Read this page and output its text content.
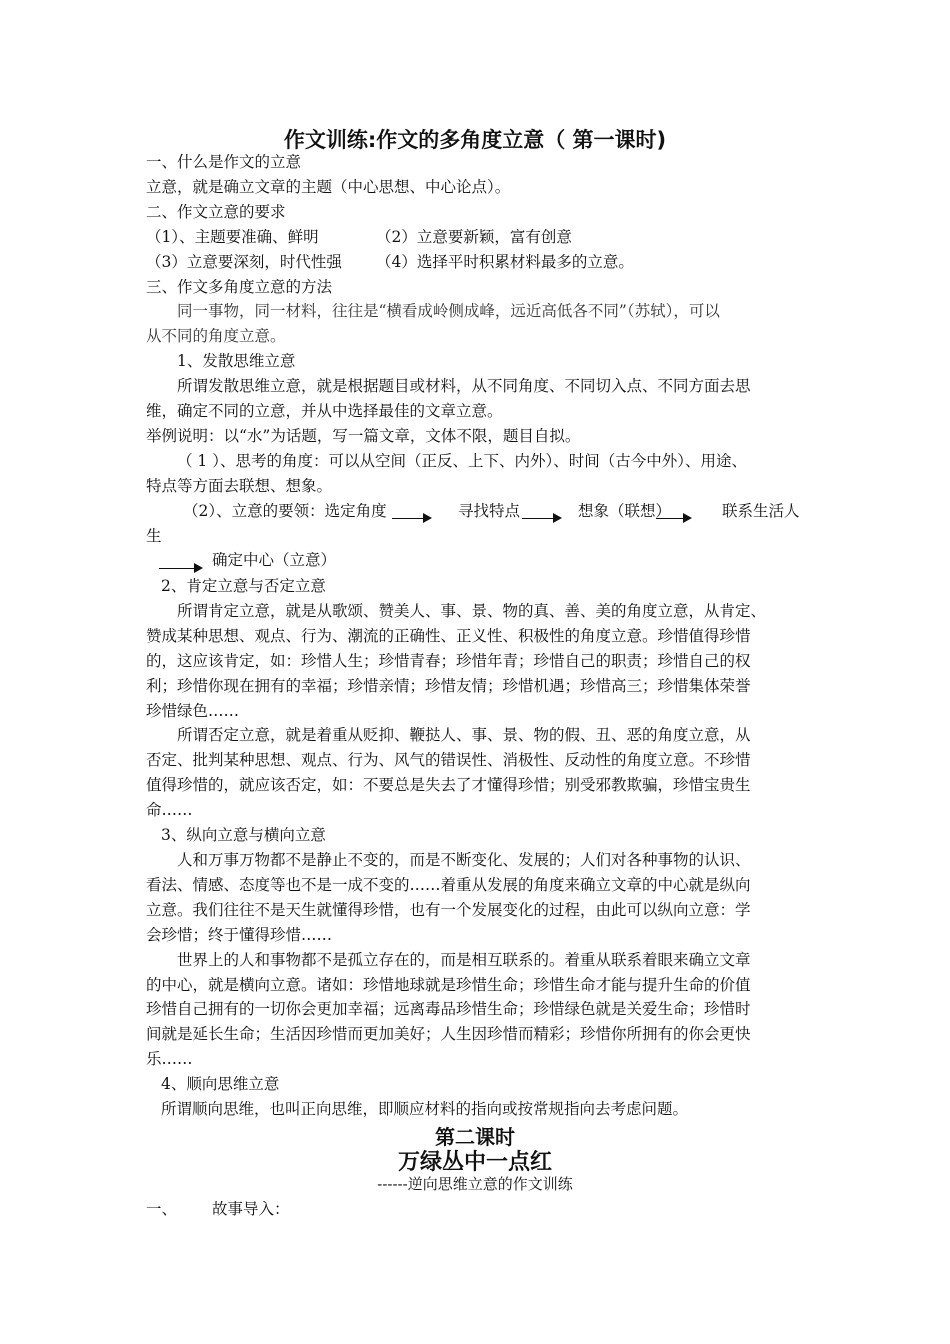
作文训练:作文的多角度立意（ 第一课时)
一、什么是作文的立意
立意，就是确立文章的主题（中心思想、中心论点）。
二、作文立意的要求
（1）、主题要准确、鲜明	（2）立意要新颖，富有创意
（3）立意要深刻，时代性强	（4）选择平时积累材料最多的立意。
三、作文多角度立意的方法
同一事物，同一材料，往往是“横看成岭侧成峰，远近高低各不同”（苏轼），可以
从不同的角度立意。
1、发散思维立意
所谓发散思维立意，就是根据题目或材料，从不同角度、不同切入点、不同方面去思
维，确定不同的立意，并从中选择最佳的文章立意。
举例说明：以“水”为话题，写一篇文章，文体不限，题目自拟。
（ 1 ）、思考的角度：可以从空间（正反、上下、内外）、时间（古今中外）、用途、
特点等方面去联想、想象。
（2）、立意的要领：选定角度	寻找特点	想象（联想）	联系生活人
生
确定中心（立意）
2、肯定立意与否定立意
所谓肯定立意，就是从歌颂、赞美人、事、景、物的真、善、美的角度立意，从肯定、
赞成某种思想、观点、行为、潮流的正确性、正义性、积极性的角度立意。珍惜值得珍惜
的，这应该肯定，如：珍惜人生；珍惜青春；珍惜年青；珍惜自己的职责；珍惜自己的权
利；珍惜你现在拥有的幸福；珍惜亲情；珍惜友情；珍惜机遇；珍惜高三；珍惜集体荣誉
珍惜绿色……
所谓否定立意，就是着重从贬抑、鞭挞人、事、景、物的假、丑、恶的角度立意，从
否定、批判某种思想、观点、行为、风气的错误性、消极性、反动性的角度立意。不珍惜
值得珍惜的，就应该否定，如：不要总是失去了才懂得珍惜；别受邪教欺骗，珍惜宝贵生
命……
3、纵向立意与横向立意
人和万事万物都不是静止不变的，而是不断变化、发展的；人们对各种事物的认识、
看法、情感、态度等也不是一成不变的……着重从发展的角度来确立文章的中心就是纵向
立意。我们往往不是天生就懂得珍惜，也有一个发展变化的过程，由此可以纵向立意：学
会珍惜；终于懂得珍惜……
世界上的人和事物都不是孤立存在的，而是相互联系的。着重从联系着眼来确立文章
的中心，就是横向立意。诸如：珍惜地球就是珍惜生命；珍惜生命才能与提升生命的价值
珍惜自己拥有的一切你会更加幸福；远离毒品珍惜生命；珍惜绿色就是关爱生命；珍惜时
间就是延长生命；生活因珍惜而更加美好；人生因珍惜而精彩；珍惜你所拥有的你会更快
乐……
4、顺向思维立意
所谓顺向思维，也叫正向思维，即顺应材料的指向或按常规指向去考虑问题。
第二课时
万绿丛中一点红
------逆向思维立意的作文训练
一、 故事导入：
